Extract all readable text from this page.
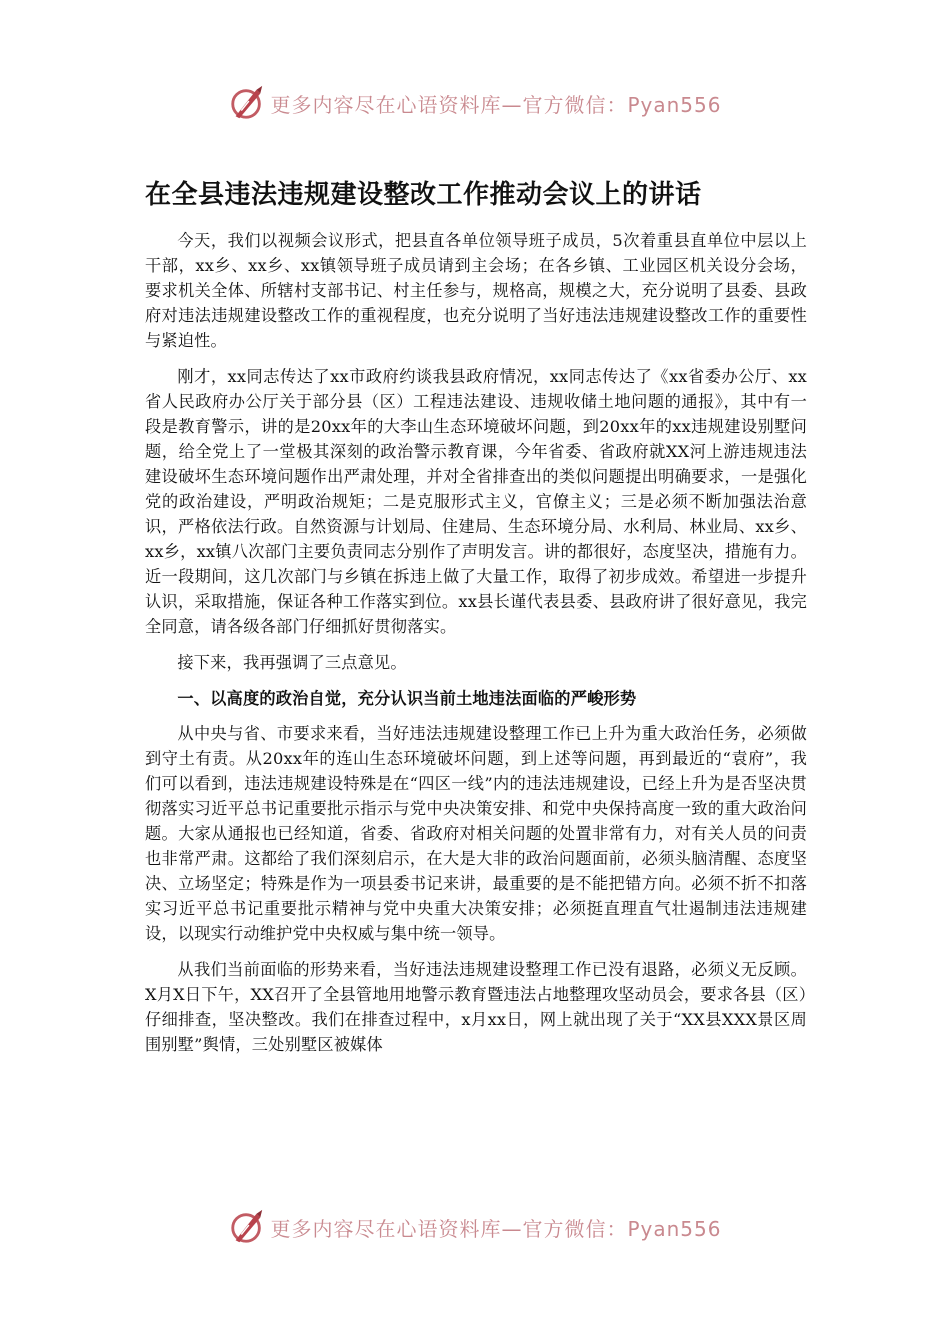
更多内容尽在心语资料库—官方微信：Pyan556
在全县违法违规建设整改工作推动会议上的讲话

今天，我们以视频会议形式，把县直各单位领导班子成员，5次着重县直单位中层以上干部，xx乡、xx乡、xx镇领导班子成员请到主会场；在各乡镇、工业园区机关设分会场，要求机关全体、所辖村支部书记、村主任参与，规格高，规模之大，充分说明了县委、县政府对违法违规建设整改工作的重视程度，也充分说明了当好违法违规建设整改工作的重要性与紧迫性。

刚才，xx同志传达了xx市政府约谈我县政府情况，xx同志传达了《xx省委办公厅、xx省人民政府办公厅关于部分县（区）工程违法建设、违规收储土地问题的通报》，其中有一段是教育警示，讲的是20xx年的大李山生态环境破坏问题，到20xx年的xx违规建设别墅问题，给全党上了一堂极其深刻的政治警示教育课，今年省委、省政府就XX河上游违规违法建设破坏生态环境问题作出严肃处理，并对全省排查出的类似问题提出明确要求，一是强化党的政治建设，严明政治规矩；二是克服形式主义，官僚主义；三是必须不断加强法治意识，严格依法行政。自然资源与计划局、住建局、生态环境分局、水利局、林业局、xx乡、xx乡，xx镇八次部门主要负责同志分别作了声明发言。讲的都很好，态度坚决，措施有力。近一段期间，这几次部门与乡镇在拆违上做了大量工作，取得了初步成效。希望进一步提升认识，采取措施，保证各种工作落实到位。xx县长谨代表县委、县政府讲了很好意见，我完全同意，请各级各部门仔细抓好贯彻落实。

接下来，我再强调了三点意见。

一、以高度的政治自觉，充分认识当前土地违法面临的严峻形势

从中央与省、市要求来看，当好违法违规建设整理工作已上升为重大政治任务，必须做到守土有责。从20xx年的连山生态环境破坏问题，到上述等问题，再到最近的“袁府”，我们可以看到，违法违规建设特殊是在“四区一线”内的违法违规建设，已经上升为是否坚决贯彻落实习近平总书记重要批示指示与党中央决策安排、和党中央保持高度一致的重大政治问题。大家从通报也已经知道，省委、省政府对相关问题的处置非常有力，对有关人员的问责也非常严肃。这都给了我们深刻启示，在大是大非的政治问题面前，必须头脑清醒、态度坚决、立场坚定；特殊是作为一项县委书记来讲，最重要的是不能把错方向。必须不折不扣落实习近平总书记重要批示精神与党中央重大决策安排；必须挺直理直气壮遏制违法违规建设，以现实行动维护党中央权威与集中统一领导。

从我们当前面临的形势来看，当好违法违规建设整理工作已没有退路，必须义无反顾。X月X日下午，XX召开了全县管地用地警示教育暨违法占地整理攻坚动员会，要求各县（区）仔细排查，坚决整改。我们在排查过程中，x月xx日，网上就出现了关于“XX县XXX景区周围别墅”舆情，三处别墅区被媒体

更多内容尽在心语资料库—官方微信：Pyan556
